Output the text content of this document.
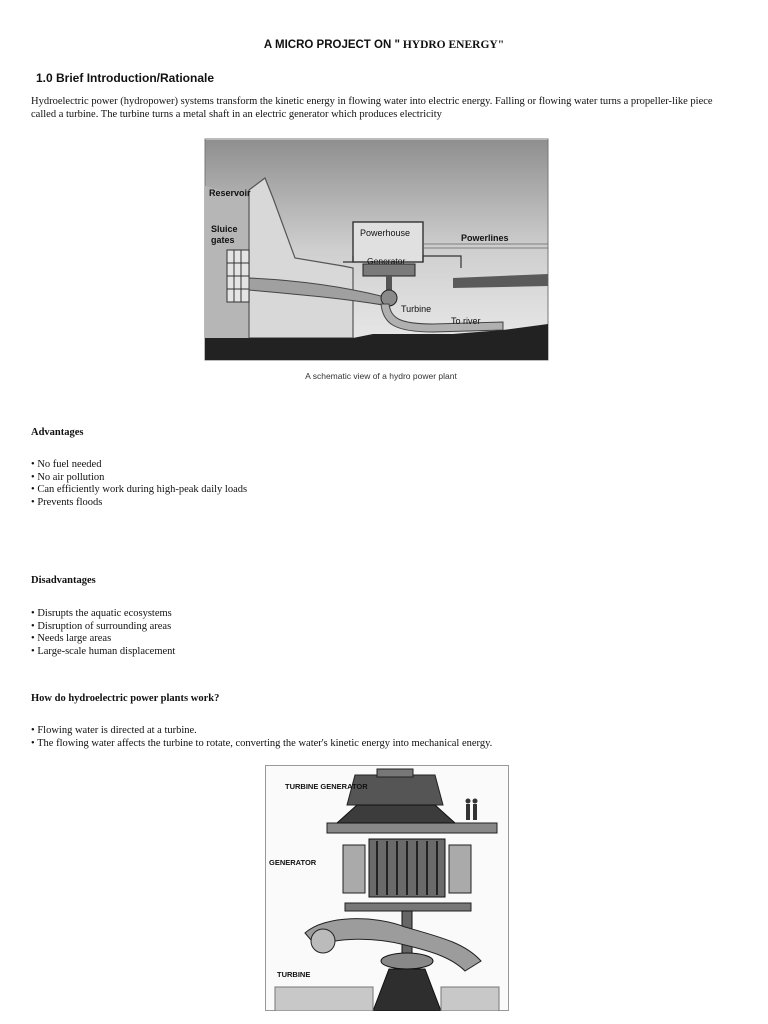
A MICRO PROJECT ON " HYDRO ENERGY"
1.0 Brief Introduction/Rationale
Hydroelectric power (hydropower) systems transform the kinetic energy in flowing water into electric energy. Falling or flowing water turns a propeller-like piece called a turbine. The turbine turns a metal shaft in an electric generator which produces electricity
Reservoir
Sluice
gates
Powerhouse
Generator
Powerlines
Turbine
To river
A schematic view of a hydro power plant
Advantages
• No fuel needed
• No air pollution
• Can efficiently work during high-peak daily loads
• Prevents floods
Disadvantages
• Disrupts the aquatic ecosystems
• Disruption of surrounding areas
• Needs large areas
• Large-scale human displacement
How do hydroelectric power plants work?
• Flowing water is directed at a turbine.
• The flowing water affects the turbine to rotate, converting the water's kinetic energy into mechanical energy.
TURBINE GENERATOR
GENERATOR
TURBINE
